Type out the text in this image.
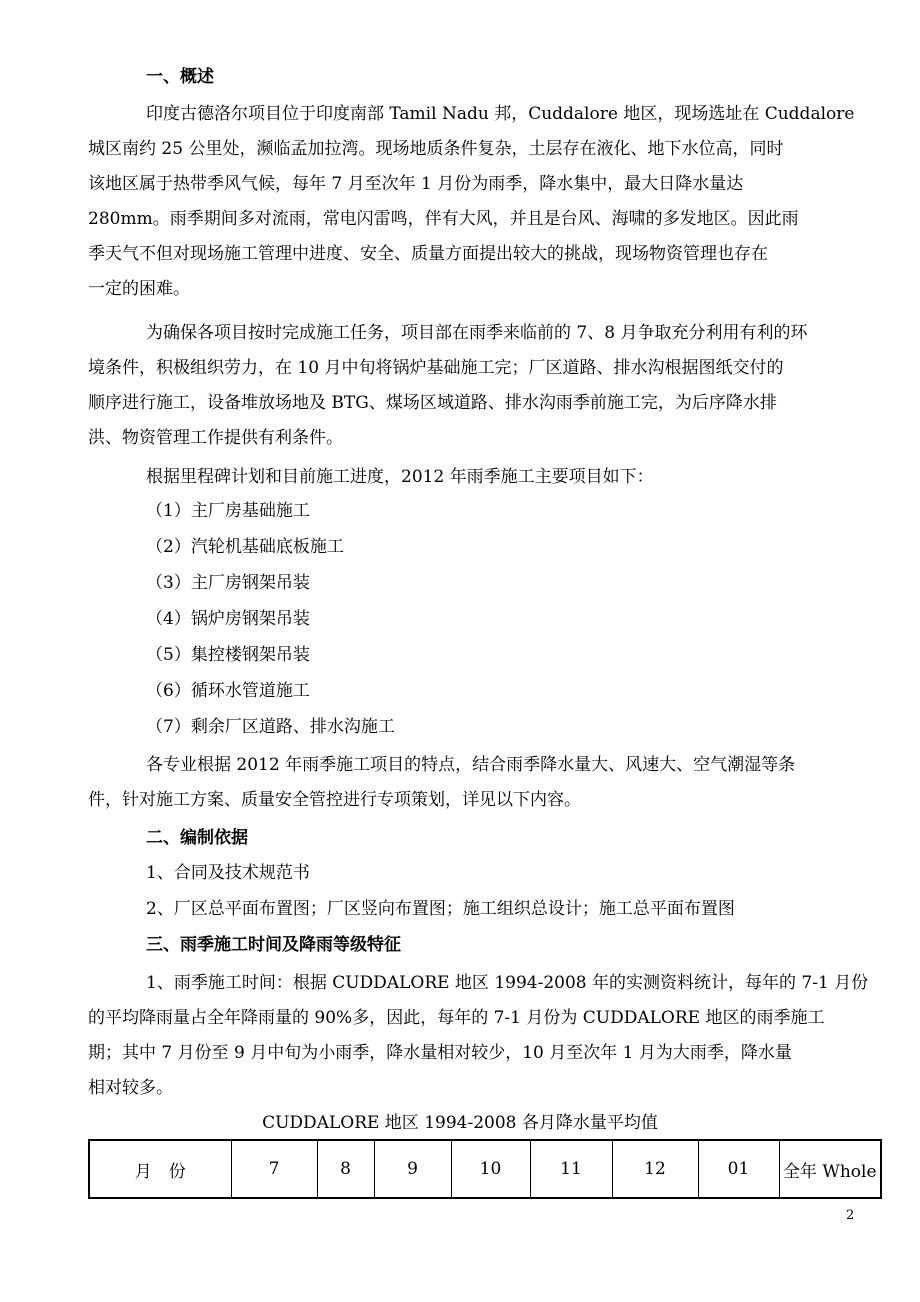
一、概述
印度古德洛尔项目位于印度南部 Tamil Nadu 邦，Cuddalore 地区，现场选址在 Cuddalore
城区南约 25 公里处，濒临孟加拉湾。现场地质条件复杂，土层存在液化、地下水位高，同时
该地区属于热带季风气候，每年 7 月至次年 1 月份为雨季，降水集中，最大日降水量达
280mm。雨季期间多对流雨，常电闪雷鸣，伴有大风，并且是台风、海啸的多发地区。因此雨
季天气不但对现场施工管理中进度、安全、质量方面提出较大的挑战，现场物资管理也存在
一定的困难。
为确保各项目按时完成施工任务，项目部在雨季来临前的 7、8 月争取充分利用有利的环
境条件，积极组织劳力，在 10 月中旬将锅炉基础施工完；厂区道路、排水沟根据图纸交付的
顺序进行施工，设备堆放场地及 BTG、煤场区域道路、排水沟雨季前施工完，为后序降水排
洪、物资管理工作提供有利条件。
根据里程碑计划和目前施工进度，2012 年雨季施工主要项目如下：
（1）主厂房基础施工
（2）汽轮机基础底板施工
（3）主厂房钢架吊装
（4）锅炉房钢架吊装
（5）集控楼钢架吊装
（6）循环水管道施工
（7）剩余厂区道路、排水沟施工
各专业根据 2012 年雨季施工项目的特点，结合雨季降水量大、风速大、空气潮湿等条
件，针对施工方案、质量安全管控进行专项策划，详见以下内容。
二、编制依据
1、合同及技术规范书
2、厂区总平面布置图；厂区竖向布置图；施工组织总设计；施工总平面布置图
三、雨季施工时间及降雨等级特征
1、雨季施工时间：根据 CUDDALORE 地区 1994-2008 年的实测资料统计，每年的 7-1 月份
的平均降雨量占全年降雨量的 90%多，因此，每年的 7-1 月份为 CUDDALORE 地区的雨季施工
期；其中 7 月份至 9 月中旬为小雨季，降水量相对较少，10 月至次年 1 月为大雨季，降水量
相对较多。
CUDDALORE 地区 1994-2008 各月降水量平均值
月　份	7	8	9	10	11	12	01	全年 Whole
2
